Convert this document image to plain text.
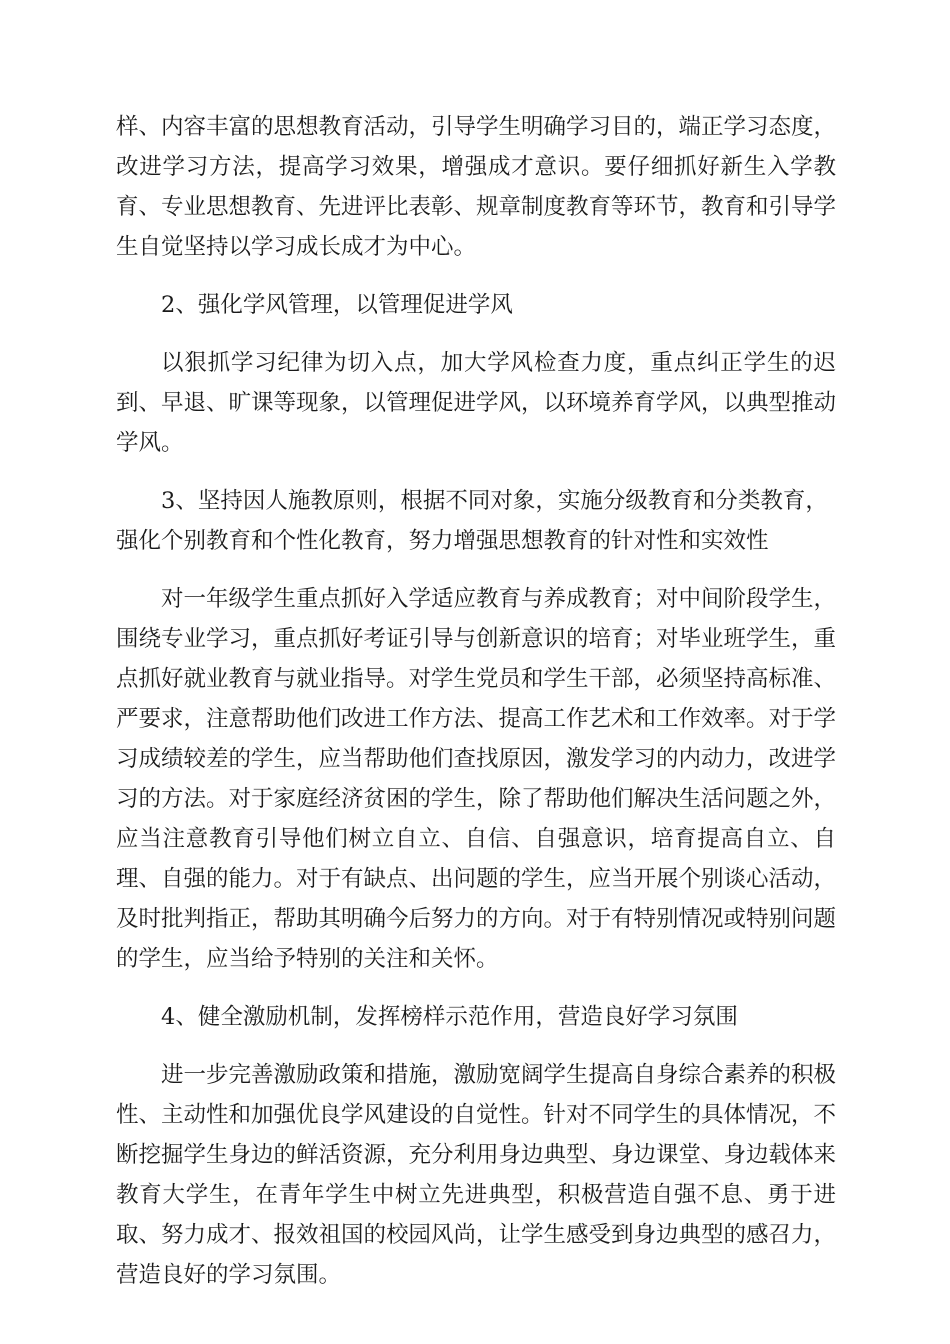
样、内容丰富的思想教育活动，引导学生明确学习目的，端正学习态度，改进学习方法，提高学习效果，增强成才意识。要仔细抓好新生入学教育、专业思想教育、先进评比表彰、规章制度教育等环节，教育和引导学生自觉坚持以学习成长成才为中心。

2、强化学风管理，以管理促进学风

以狠抓学习纪律为切入点，加大学风检查力度，重点纠正学生的迟到、早退、旷课等现象，以管理促进学风，以环境养育学风，以典型推动学风。

3、坚持因人施教原则，根据不同对象，实施分级教育和分类教育，强化个别教育和个性化教育，努力增强思想教育的针对性和实效性

对一年级学生重点抓好入学适应教育与养成教育；对中间阶段学生，围绕专业学习，重点抓好考证引导与创新意识的培育；对毕业班学生，重点抓好就业教育与就业指导。对学生党员和学生干部，必须坚持高标准、严要求，注意帮助他们改进工作方法、提高工作艺术和工作效率。对于学习成绩较差的学生，应当帮助他们查找原因，激发学习的内动力，改进学习的方法。对于家庭经济贫困的学生，除了帮助他们解决生活问题之外，应当注意教育引导他们树立自立、自信、自强意识，培育提高自立、自理、自强的能力。对于有缺点、出问题的学生，应当开展个别谈心活动，及时批判指正，帮助其明确今后努力的方向。对于有特别情况或特别问题的学生，应当给予特别的关注和关怀。

4、健全激励机制，发挥榜样示范作用，营造良好学习氛围

进一步完善激励政策和措施，激励宽阔学生提高自身综合素养的积极性、主动性和加强优良学风建设的自觉性。针对不同学生的具体情况，不断挖掘学生身边的鲜活资源，充分利用身边典型、身边课堂、身边载体来教育大学生，在青年学生中树立先进典型，积极营造自强不息、勇于进取、努力成才、报效祖国的校园风尚，让学生感受到身边典型的感召力，营造良好的学习氛围。
